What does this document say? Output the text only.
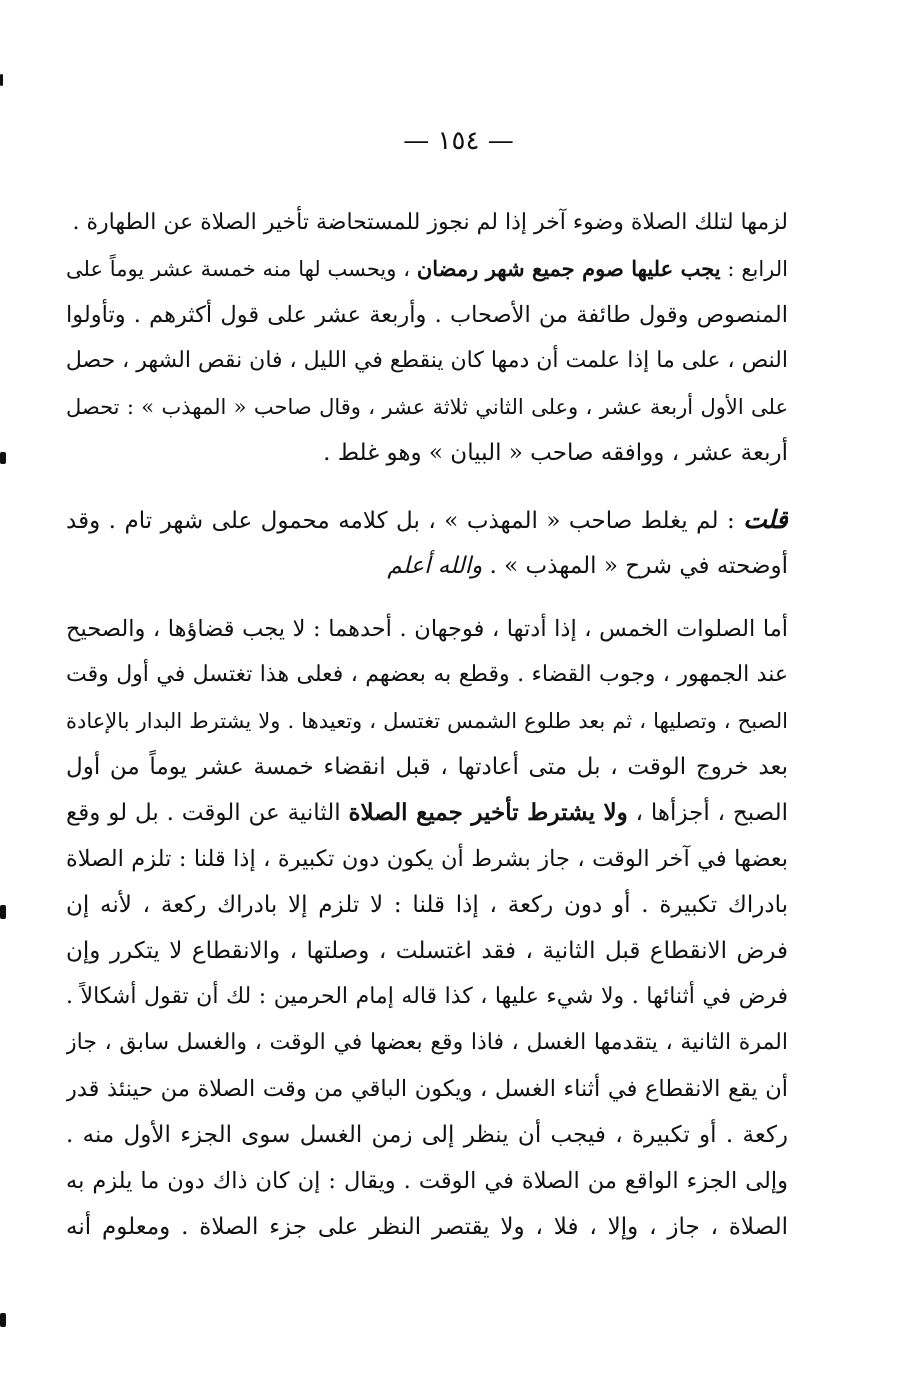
— ١٥٤ —
لزمها لتلك الصلاة وضوء آخر إذا لم نجوز للمستحاضة تأخير الصلاة عن الطهارة .
الرابع : يجب عليها صوم جميع شهر رمضان ، ويحسب لها منه خمسة عشر يوماً على
المنصوص وقول طائفة من الأصحاب . وأربعة عشر على قول أكثرهم . وتأولوا
النص ، على ما إذا علمت أن دمها كان ينقطع في الليل ، فان نقص الشهر ، حصل
على الأول أربعة عشر ، وعلى الثاني ثلاثة عشر ، وقال صاحب « المهذب » : تحصل
أربعة عشر ، ووافقه صاحب « البيان » وهو غلط .
قلت : لم يغلط صاحب « المهذب » ، بل كلامه محمول على شهر تام . وقد
أوضحته في شرح « المهذب » . والله أعلم
أما الصلوات الخمس ، إذا أدتها ، فوجهان . أحدهما : لا يجب قضاؤها ، والصحيح
عند الجمهور ، وجوب القضاء . وقطع به بعضهم ، فعلى هذا تغتسل في أول وقت
الصبح ، وتصليها ، ثم بعد طلوع الشمس تغتسل ، وتعيدها . ولا يشترط البدار بالإعادة
بعد خروج الوقت ، بل متى أعادتها ، قبل انقضاء خمسة عشر يوماً من أول
الصبح ، أجزأها ، ولا يشترط تأخير جميع الصلاة الثانية عن الوقت . بل لو وقع
بعضها في آخر الوقت ، جاز بشرط أن يكون دون تكبيرة ، إذا قلنا : تلزم الصلاة
بادراك تكبيرة . أو دون ركعة ، إذا قلنا : لا تلزم إلا بادراك ركعة ، لأنه إن
فرض الانقطاع قبل الثانية ، فقد اغتسلت ، وصلتها ، والانقطاع لا يتكرر وإن
فرض في أثنائها . ولا شيء عليها ، كذا قاله إمام الحرمين : لك أن تقول أشكالاً .
المرة الثانية ، يتقدمها الغسل ، فاذا وقع بعضها في الوقت ، والغسل سابق ، جاز
أن يقع الانقطاع في أثناء الغسل ، ويكون الباقي من وقت الصلاة من حينئذ قدر
ركعة . أو تكبيرة ، فيجب أن ينظر إلى زمن الغسل سوى الجزء الأول منه .
وإلى الجزء الواقع من الصلاة في الوقت . ويقال : إن كان ذاك دون ما يلزم به
الصلاة ، جاز ، وإلا ، فلا ، ولا يقتصر النظر على جزء الصلاة . ومعلوم أنه
